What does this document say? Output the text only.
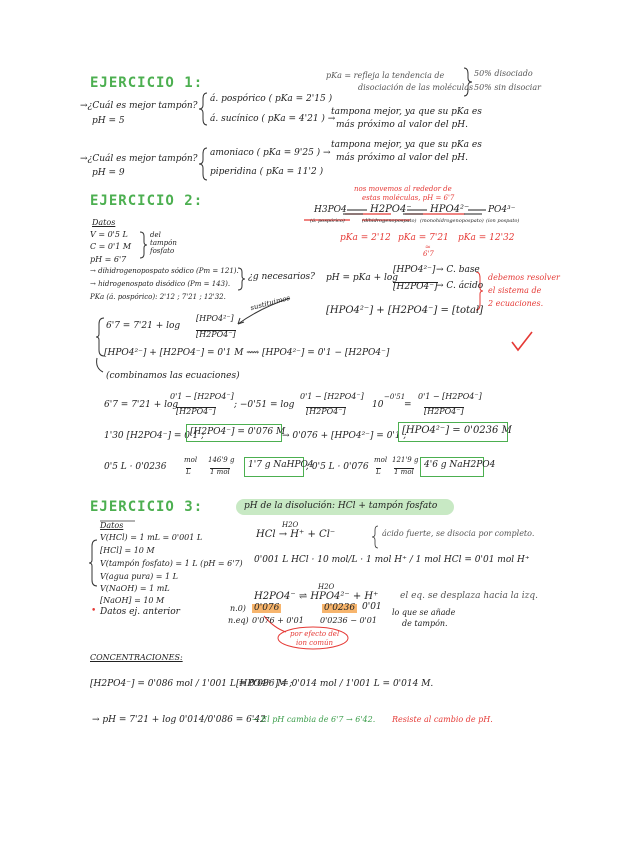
EJERCICIO 1:	pKa = refleja la tendencia de
disociación de las moléculas
50% disociado
50% sin disociar
→¿Cuál es mejor tampón?
pH = 5
á. pospórico ( pKa = 2'15 )
á. sucínico ( pKa = 4'21 ) →
tampona mejor, ya que su pKa es
más próximo al valor del pH.
→¿Cuál es mejor tampón?
pH = 9
amoniaco ( pKa = 9'25 ) →
piperidina ( pKa = 11'2 )
tampona mejor, ya que su pKa es
más próximo al valor del pH.
EJERCICIO 2:
Datos
V = 0'5 L
C = 0'1 M
pH = 6'7
del tampón fosfato
→ dihidrogenopospato sódico (Pm = 121).
→ hidrogenospato disódico (Pm = 143).
¿g necesarios?
PKa (á. pospórico): 2'12 ; 7'21 ; 12'32.
nos movemos al rededor de
estas moléculas, pH = 6'7
H3PO4 H2PO4⁻ HPO4²⁻ PO4³⁻
(á. pospórico)	(dihidrogenopospato) (monohidrogenopospato) (ion pospato)
pKa = 2'12 pKa = 7'21 pKa = 12'32
≃
6'7
pH = pKa + log
[HPO4²⁻]
[H2PO4⁻]
→ C. base
→ C. ácido
[HPO4²⁻] + [H2PO4⁻] = [total]
debemos resolver
el sistema de
2 ecuaciones.
sustituimos
6'7 = 7'21 + log
[HPO4²⁻]
[H2PO4⁻]
[HPO4²⁻] + [H2PO4⁻] = 0'1 M ⟿ [HPO4²⁻] = 0'1 − [H2PO4⁻]
(combinamos las ecuaciones)
6'7 = 7'21 + log
0'1 − [H2PO4⁻]
[H2PO4⁻]
; −0'51 = log
0'1 − [H2PO4⁻]
[H2PO4⁻]
10
−0'51
=
0'1 − [H2PO4⁻]
[H2PO4⁻]
1'30 [H2PO4⁻] = 0'1 ;
[H2PO4⁻] = 0'076 M
→ 0'076 + [HPO4²⁻] = 0'1 ;
[HPO4²⁻] = 0'0236 M
0'5 L · 0'0236
mol
L
146'9 g
1 mol
1'7 g NaHPO4
; 0'5 L · 0'076
mol
L
121'9 g
1 mol
4'6 g NaH2PO4
EJERCICIO 3:	pH de la disolución: HCl + tampón fosfato
Datos
V(HCl) = 1 mL = 0'001 L
[HCl] = 10 M
V(tampón fosfato) = 1 L (pH = 6'7)
V(agua pura) = 1 L
V(NaOH) = 1 mL
[NaOH] = 10 M
• Datos ej. anterior
H2O
HCl → H⁺ + Cl⁻	ácido fuerte, se disocia por completo.
0'001 L HCl · 10 mol/L · 1 mol H⁺ / 1 mol HCl = 0'01 mol H⁺
H2O
H2PO4⁻ ⇌ HPO4²⁻ + H⁺ el eq. se desplaza hacia la izq.
n.0)
n.eq)
0'076	0'0236 0'01
0'076 + 0'01 0'0236 − 0'01
lo que se añade
de tampón.
por efecto del
ion común
CONCENTRACIONES:
[H2PO4⁻] = 0'086 mol / 1'001 L = 0'086 M ;
[HPO4²⁻] = 0'014 mol / 1'001 L = 0'014 M.
→ pH = 7'21 + log 0'014/0'086 = 6'42
→ El pH cambia de 6'7 → 6'42. Resiste al cambio de pH.
